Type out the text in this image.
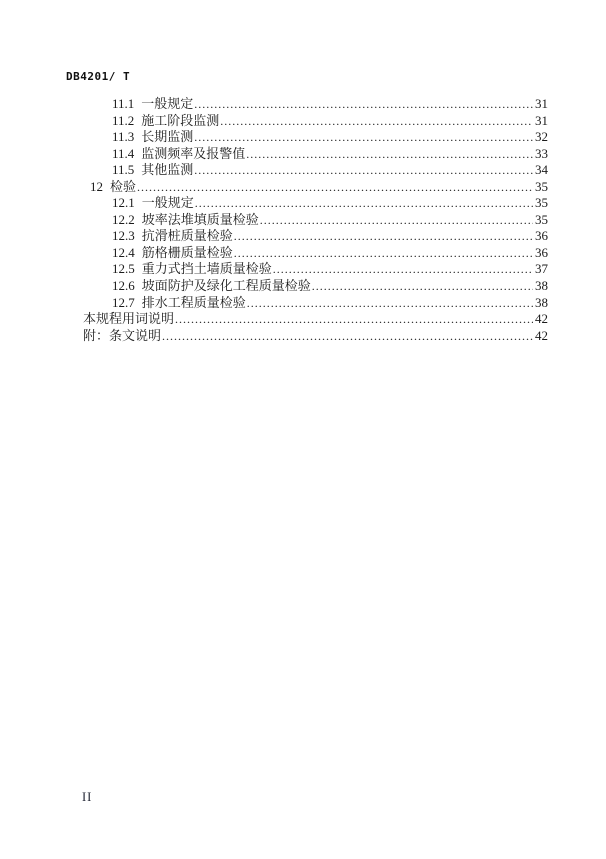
DB4201/ T
11.1 一般规定 .....	31
11.2 施工阶段监测 .....	31
11.3 长期监测 .....	32
11.4 监测频率及报警值 .....	33
11.5 其他监测 .....	34
12 检验 .....	35
12.1 一般规定 .....	35
12.2 坡率法堆填质量检验 .....	35
12.3 抗滑桩质量检验 .....	36
12.4 筋格栅质量检验 .....	36
12.5 重力式挡土墙质量检验 .....	37
12.6 坡面防护及绿化工程质量检验 .....	38
12.7 排水工程质量检验 .....	38
本规程用词说明 .....	42
附：条文说明 .....	42
II
